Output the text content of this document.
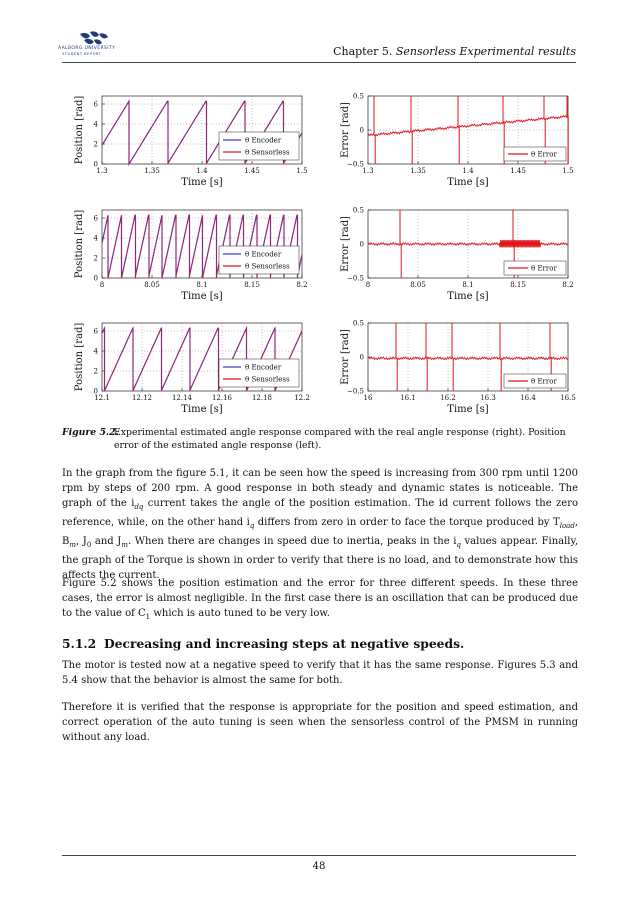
AALBORG UNIVERSITY
STUDENT REPORT	Chapter 5. Sensorless Experimental results
1.3	1.35	1.4	1.45	1.5
0
2
4
6
Time [s]
Position [rad]	θ Encoder
θ Sensorless
1.3	1.35	1.4	1.45	1.5
0.5
0
−0.5
Time [s]
Error [rad]	θ Error
8	8.05	8.1	8.15	8.2
0
2
4
6
Time [s]
Position [rad]	θ Encoder
θ Sensorless
8	8.05	8.1	8.15	8.2
0.5
0
−0.5
Time [s]
Error [rad]	θ Error
12.1	12.12	12.14	12.16	12.18	12.2
0
2
4
6
Time [s]
Position [rad]	θ Encoder
θ Sensorless
16	16.1	16.2	16.3	16.4	16.5
0.5
0
−0.5
Time [s]
Error [rad]	θ Error
Figure 5.2.
Experimental estimated angle response compared with the real angle response (right). Position error of the estimated angle response (left).
In the graph from the figure 5.1, it can be seen how the speed is increasing from 300 rpm until 1200 rpm by steps of 200 rpm. A good response in both steady and dynamic states is noticeable. The graph of the $i_{dq}$ current takes the angle of the position estimation. The id current follows the zero reference, while, on the other hand $i_q$ differs from zero in order to face the torque produced by $T_{load}$, $B_m$, $J_0$ and $J_m$. When there are changes in speed due to inertia, peaks in the $i_q$ values appear. Finally, the graph of the Torque is shown in order to verify that there is no load, and to demonstrate how this affects the current.
Figure 5.2 shows the position estimation and the error for three different speeds. In these three cases, the error is almost negligible. In the first case there is an oscillation that can be produced due to the value of $C_1$ which is auto tuned to be very low.
5.1.2 Decreasing and increasing steps at negative speeds.
The motor is tested now at a negative speed to verify that it has the same response. Figures 5.3 and 5.4 show that the behavior is almost the same for both.
Therefore it is verified that the response is appropriate for the position and speed estimation, and correct operation of the auto tuning is seen when the sensorless control of the PMSM in running without any load.
48
